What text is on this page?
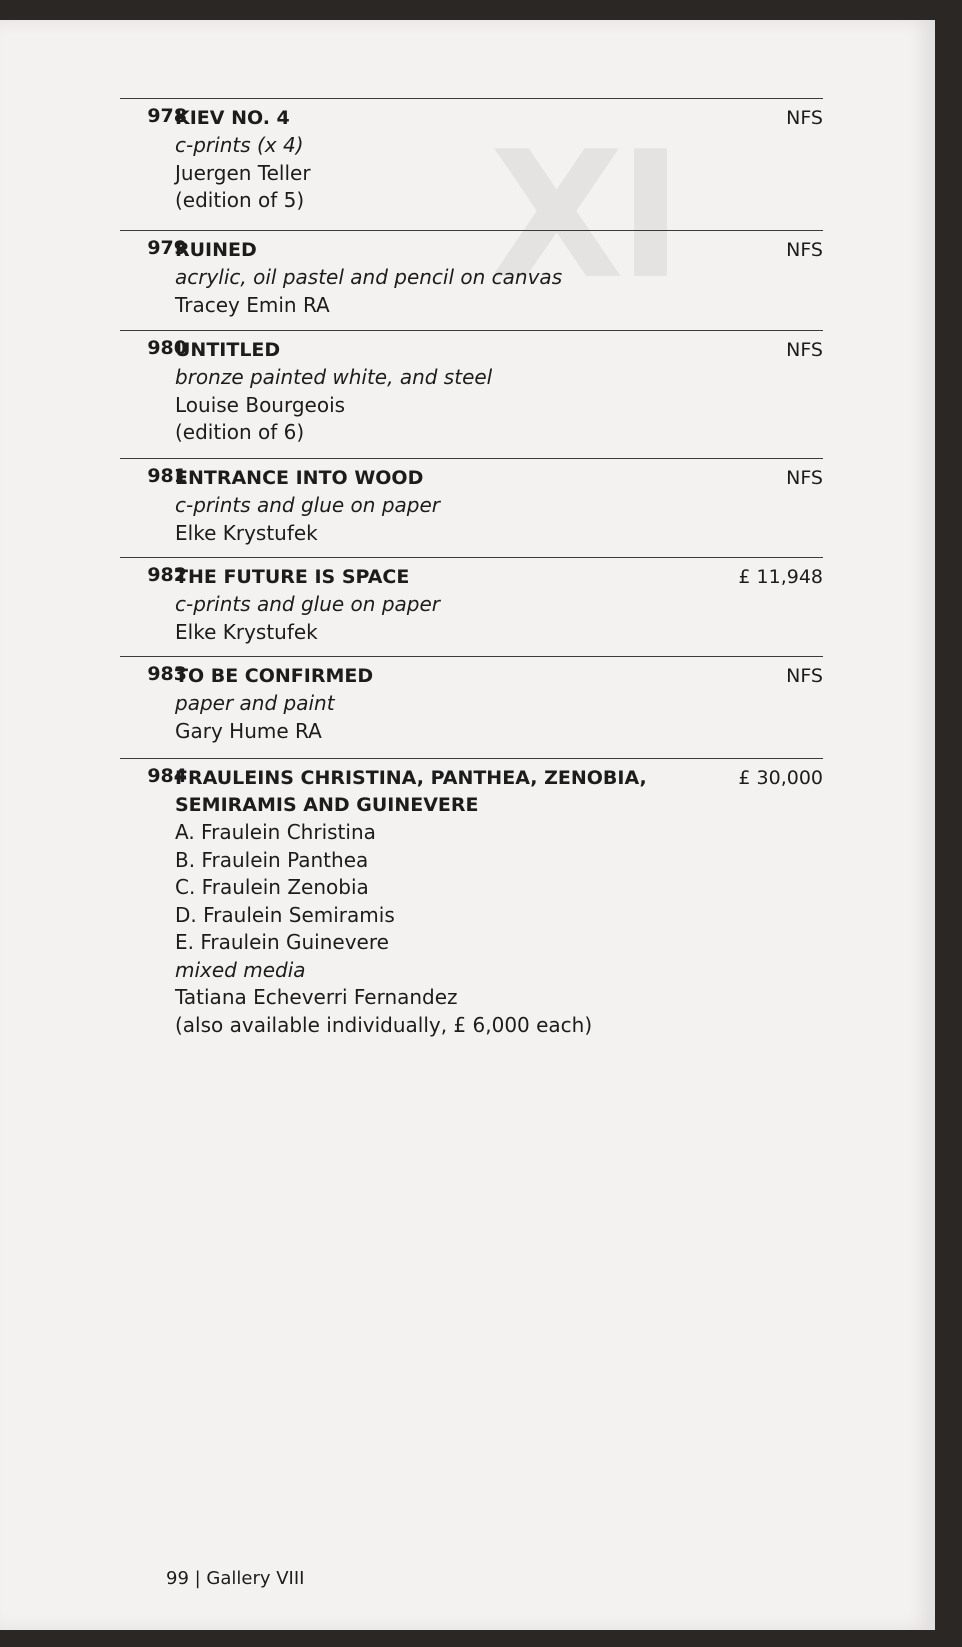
IX
978
KIEV NO. 4
c-prints (x 4)
Juergen Teller
(edition of 5)
NFS
979
RUINED
acrylic, oil pastel and pencil on canvas
Tracey Emin RA
NFS
980
UNTITLED
bronze painted white, and steel
Louise Bourgeois
(edition of 6)
NFS
981
ENTRANCE INTO WOOD
c-prints and glue on paper
Elke Krystufek
NFS
982
THE FUTURE IS SPACE
c-prints and glue on paper
Elke Krystufek
£ 11,948
983
TO BE CONFIRMED
paper and paint
Gary Hume RA
NFS
984
FRAULEINS CHRISTINA, PANTHEA, ZENOBIA,
SEMIRAMIS AND GUINEVERE
A. Fraulein Christina
B. Fraulein Panthea
C. Fraulein Zenobia
D. Fraulein Semiramis
E. Fraulein Guinevere
mixed media
Tatiana Echeverri Fernandez
(also available individually, £ 6,000 each)
£ 30,000
99 | Gallery VIII
